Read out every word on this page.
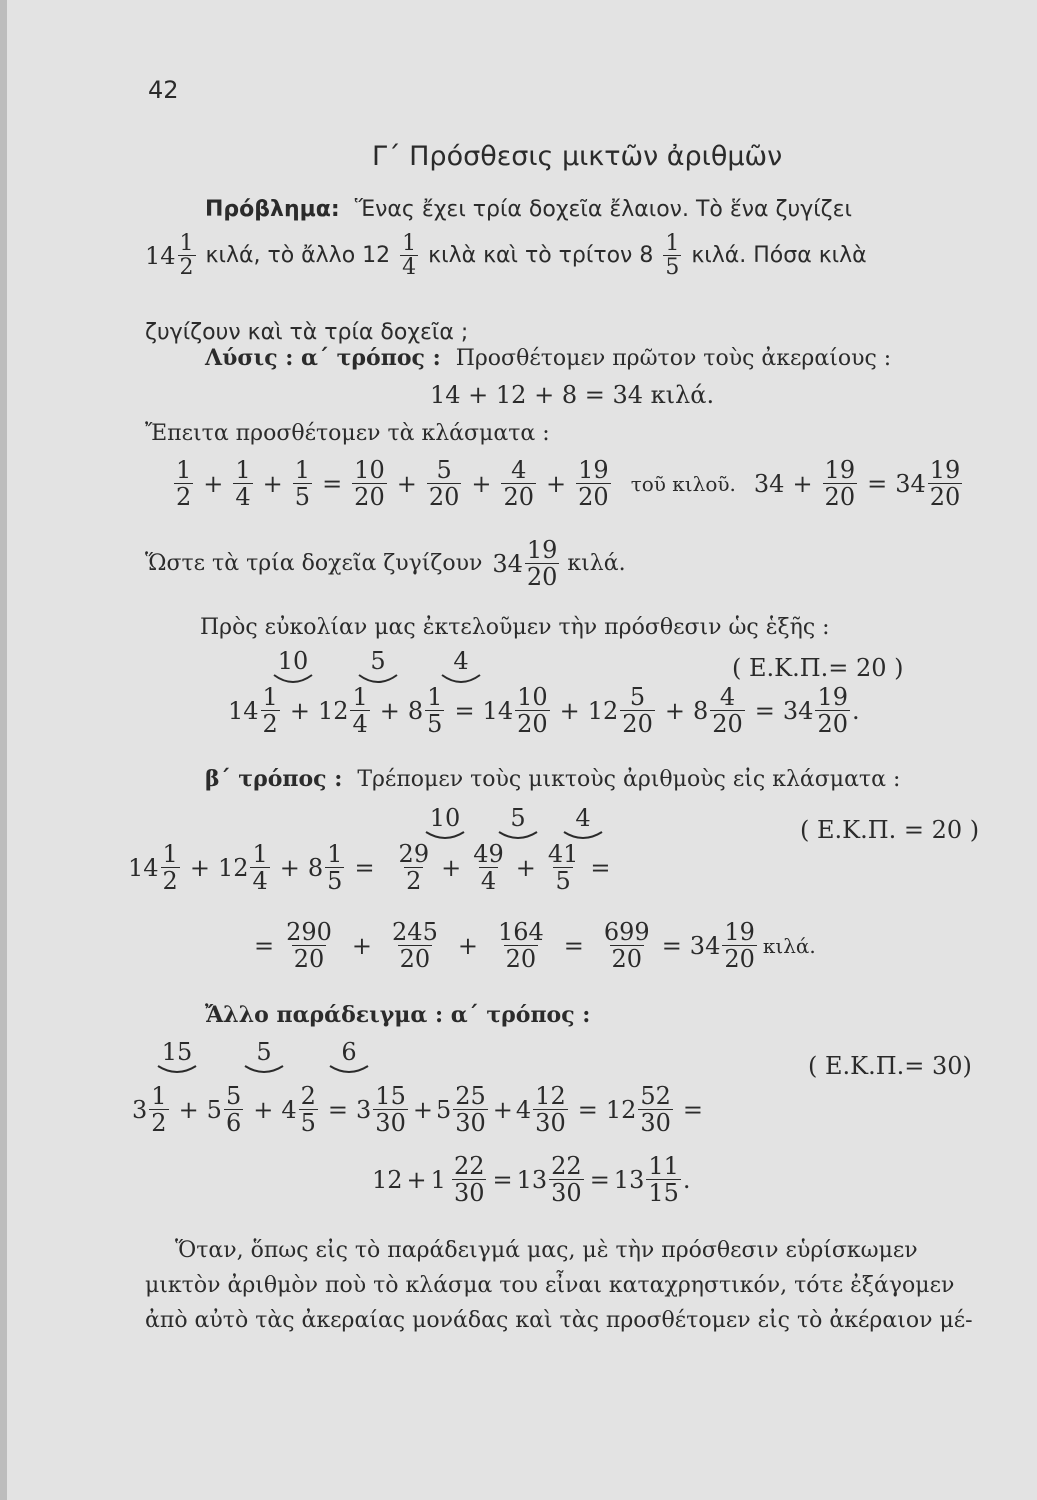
42
Γ΄ Πρόσθεσις μικτῶν ἀριθμῶν
Πρόβλημα: Ἕνας ἔχει τρία δοχεῖα ἔλαιον. Τὸ ἕνα ζυγίζει
14 1
2 κιλά, τὸ ἄλλο 12 1
4 κιλὰ καὶ τὸ τρίτον 8 1
5 κιλά. Πόσα κιλὰ
ζυγίζουν καὶ τὰ τρία δοχεῖα ;
Λύσις : α΄ τρόπος : Προσθέτομεν πρῶτον τοὺς ἀκεραίους :
14 + 12 + 8 = 34 κιλά.
Ἔπειτα προσθέτομεν τὰ κλάσματα :
1
$2 + \frac{1}{4} + \frac{1}{5} = \frac{10}{20} + \frac{5}{20} + \frac{4}{20} + \frac{19}{20}$ τοῦ κιλοῦ. $34 + \frac{19}{20} = 34$
19
20
Ὥστε τὰ τρία δοχεῖα ζυγίζουν 34
19
20 κιλά.
Πρὸς εὐκολίαν μας ἐκτελοῦμεν τὴν πρόσθεσιν ὡς ἑξῆς :
10	5	4	( Ε.Κ.Π.= 20 )
14
1
2 + 12
1
$4 + 8 \frac{1}{5} = 14$
10
20 + 12
5
$20 + 8 \frac{4}{20} = 34$
19
20 .
β΄ τρόπος : Τρέπομεν τοὺς μικτοὺς ἀριθμοὺς εἰς κλάσματα :
10 5 4	( Ε.Κ.Π. = 20 )
14
1
2 + 12
1
$4 + 8 \frac{1}{5} = \frac{29}{2} + \frac{49}{4} + \frac{41}{5}$ =
= $\frac{290}{20} + \frac{245}{20} + \frac{164}{20} = \frac{699}{20} = 34$
19
20 κιλά.
Ἄλλο παράδειγμα : α΄ τρόπος :
15	5	6	( Ε.Κ.Π.= 30)
3
1
2 + 5
5
$6 + 4 \frac{2}{5} = 3$
15
30 + 5
25
$30 + 4 \frac{12}{30} = 12 \frac{52}{30}$ =
$12 + 1 \frac{22}{30} = 13 \frac{22}{30} = 13$
11
15 .
Ὅταν, ὅπως εἰς τὸ παράδειγμά μας, μὲ τὴν πρόσθεσιν εὑρίσκωμεν
μικτὸν ἀριθμὸν ποὺ τὸ κλάσμα του εἶναι καταχρηστικόν, τότε ἐξάγομεν
ἀπὸ αὐτὸ τὰς ἀκεραίας μονάδας καὶ τὰς προσθέτομεν εἰς τὸ ἀκέραιον μέ-
